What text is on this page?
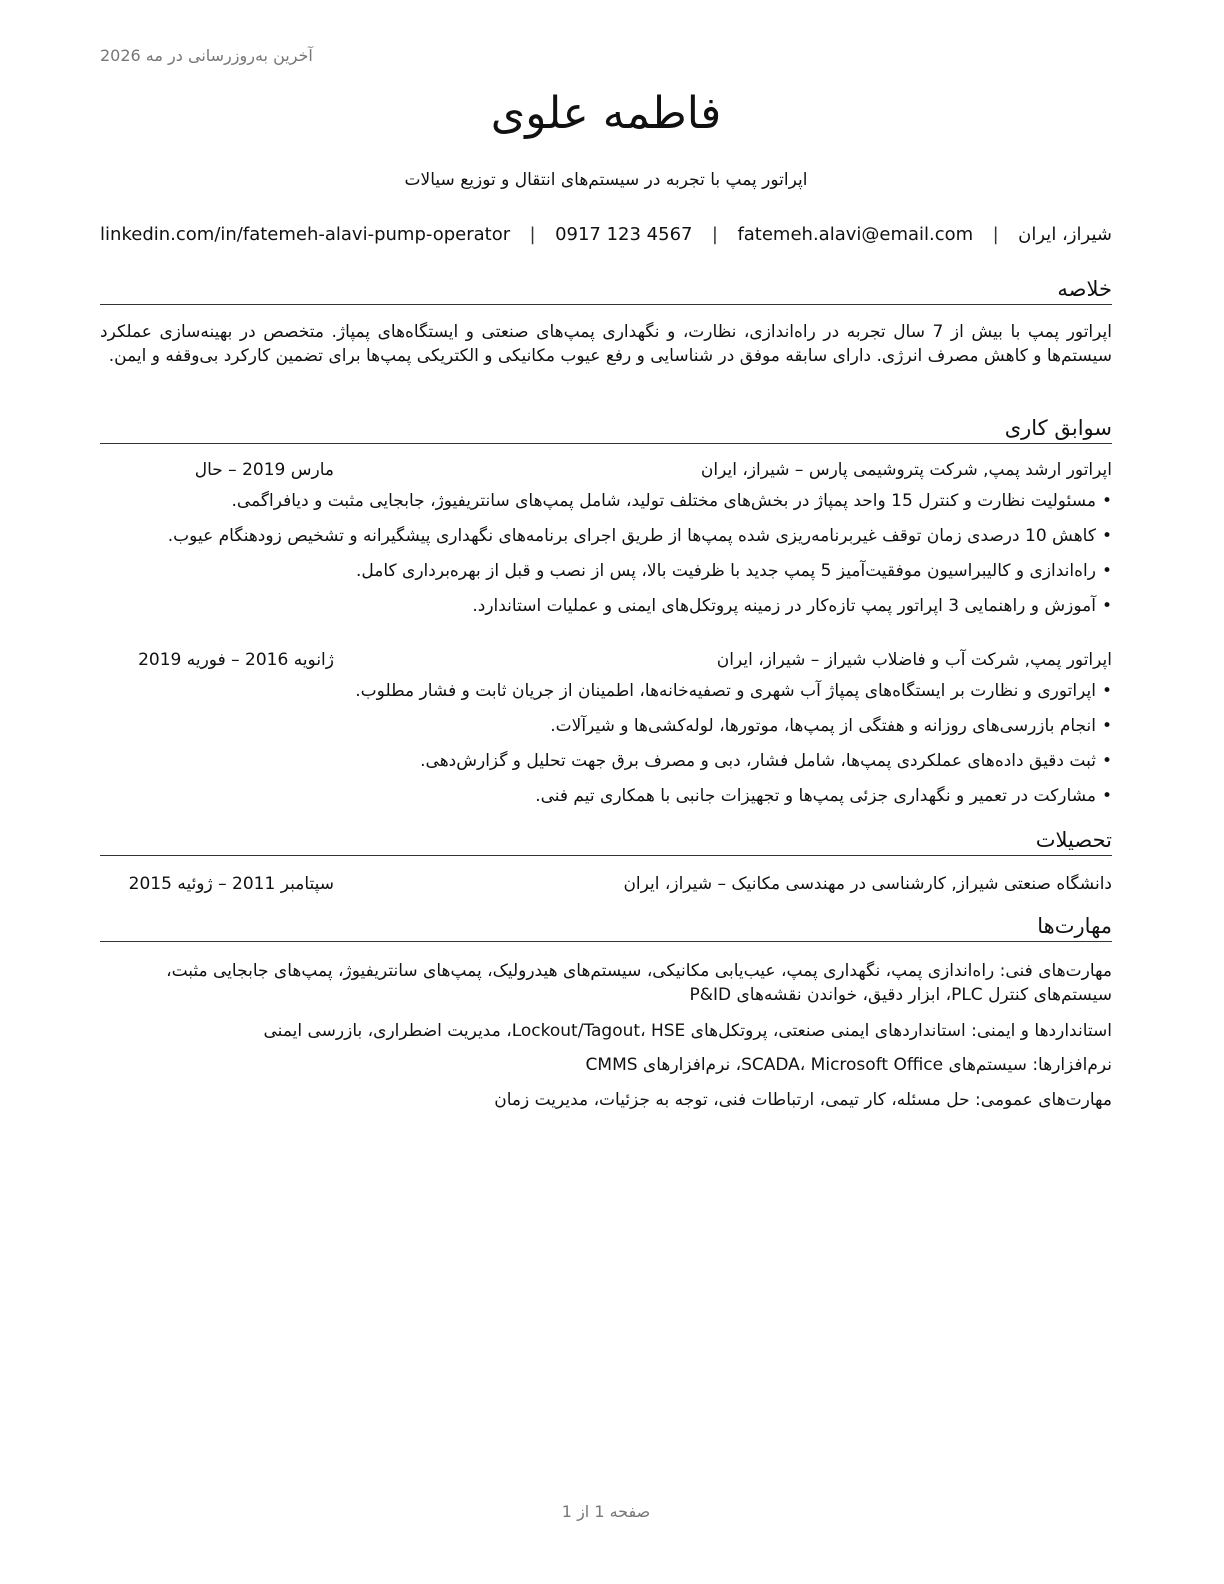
آخرین به‌روزرسانی در مه 2026
فاطمه علوی
اپراتور پمپ با تجربه در سیستم‌های انتقال و توزیع سیالات
شیراز، ایران
|
fatemeh.alavi@email.com
|
0917 123 4567
|
linkedin.com/in/fatemeh-alavi-pump-operator
خلاصه
اپراتور پمپ با بیش از 7 سال تجربه در راه‌اندازی، نظارت، و نگهداری پمپ‌های صنعتی و ایستگاه‌های پمپاژ. متخصص در بهینه‌سازی عملکرد سیستم‌ها و کاهش مصرف انرژی. دارای سابقه موفق در شناسایی و رفع عیوب مکانیکی و الکتریکی پمپ‌ها برای تضمین کارکرد بی‌وقفه و ایمن.
سوابق کاری
اپراتور ارشد پمپ, شرکت پتروشیمی پارس – شیراز، ایران
مارس 2019 – حال
•مسئولیت نظارت و کنترل 15 واحد پمپاژ در بخش‌های مختلف تولید، شامل پمپ‌های سانتریفیوژ، جابجایی مثبت و دیافراگمی.
•کاهش 10 درصدی زمان توقف غیربرنامه‌ریزی شده پمپ‌ها از طریق اجرای برنامه‌های نگهداری پیشگیرانه و تشخیص زودهنگام عیوب.
•راه‌اندازی و کالیبراسیون موفقیت‌آمیز 5 پمپ جدید با ظرفیت بالا، پس از نصب و قبل از بهره‌برداری کامل.
•آموزش و راهنمایی 3 اپراتور پمپ تازه‌کار در زمینه پروتکل‌های ایمنی و عملیات استاندارد.
اپراتور پمپ, شرکت آب و فاضلاب شیراز – شیراز، ایران
ژانویه 2016 – فوریه 2019
•اپراتوری و نظارت بر ایستگاه‌های پمپاژ آب شهری و تصفیه‌خانه‌ها، اطمینان از جریان ثابت و فشار مطلوب.
•انجام بازرسی‌های روزانه و هفتگی از پمپ‌ها، موتورها، لوله‌کشی‌ها و شیرآلات.
•ثبت دقیق داده‌های عملکردی پمپ‌ها، شامل فشار، دبی و مصرف برق جهت تحلیل و گزارش‌دهی.
•مشارکت در تعمیر و نگهداری جزئی پمپ‌ها و تجهیزات جانبی با همکاری تیم فنی.
تحصیلات
دانشگاه صنعتی شیراز, کارشناسی در مهندسی مکانیک – شیراز، ایران
سپتامبر 2011 – ژوئیه 2015
مهارت‌ها
مهارت‌های فنی: راه‌اندازی پمپ، نگهداری پمپ، عیب‌یابی مکانیکی، سیستم‌های هیدرولیک، پمپ‌های سانتریفیوژ، پمپ‌های جابجایی مثبت، سیستم‌های کنترل PLC، ابزار دقیق، خواندن نقشه‌های P&ID
استانداردها و ایمنی: استانداردهای ایمنی صنعتی، پروتکل‌های Lockout/Tagout، HSE، مدیریت اضطراری، بازرسی ایمنی
نرم‌افزارها: سیستم‌های SCADA، Microsoft Office، نرم‌افزارهای CMMS
مهارت‌های عمومی: حل مسئله، کار تیمی، ارتباطات فنی، توجه به جزئیات، مدیریت زمان
صفحه 1 از 1
